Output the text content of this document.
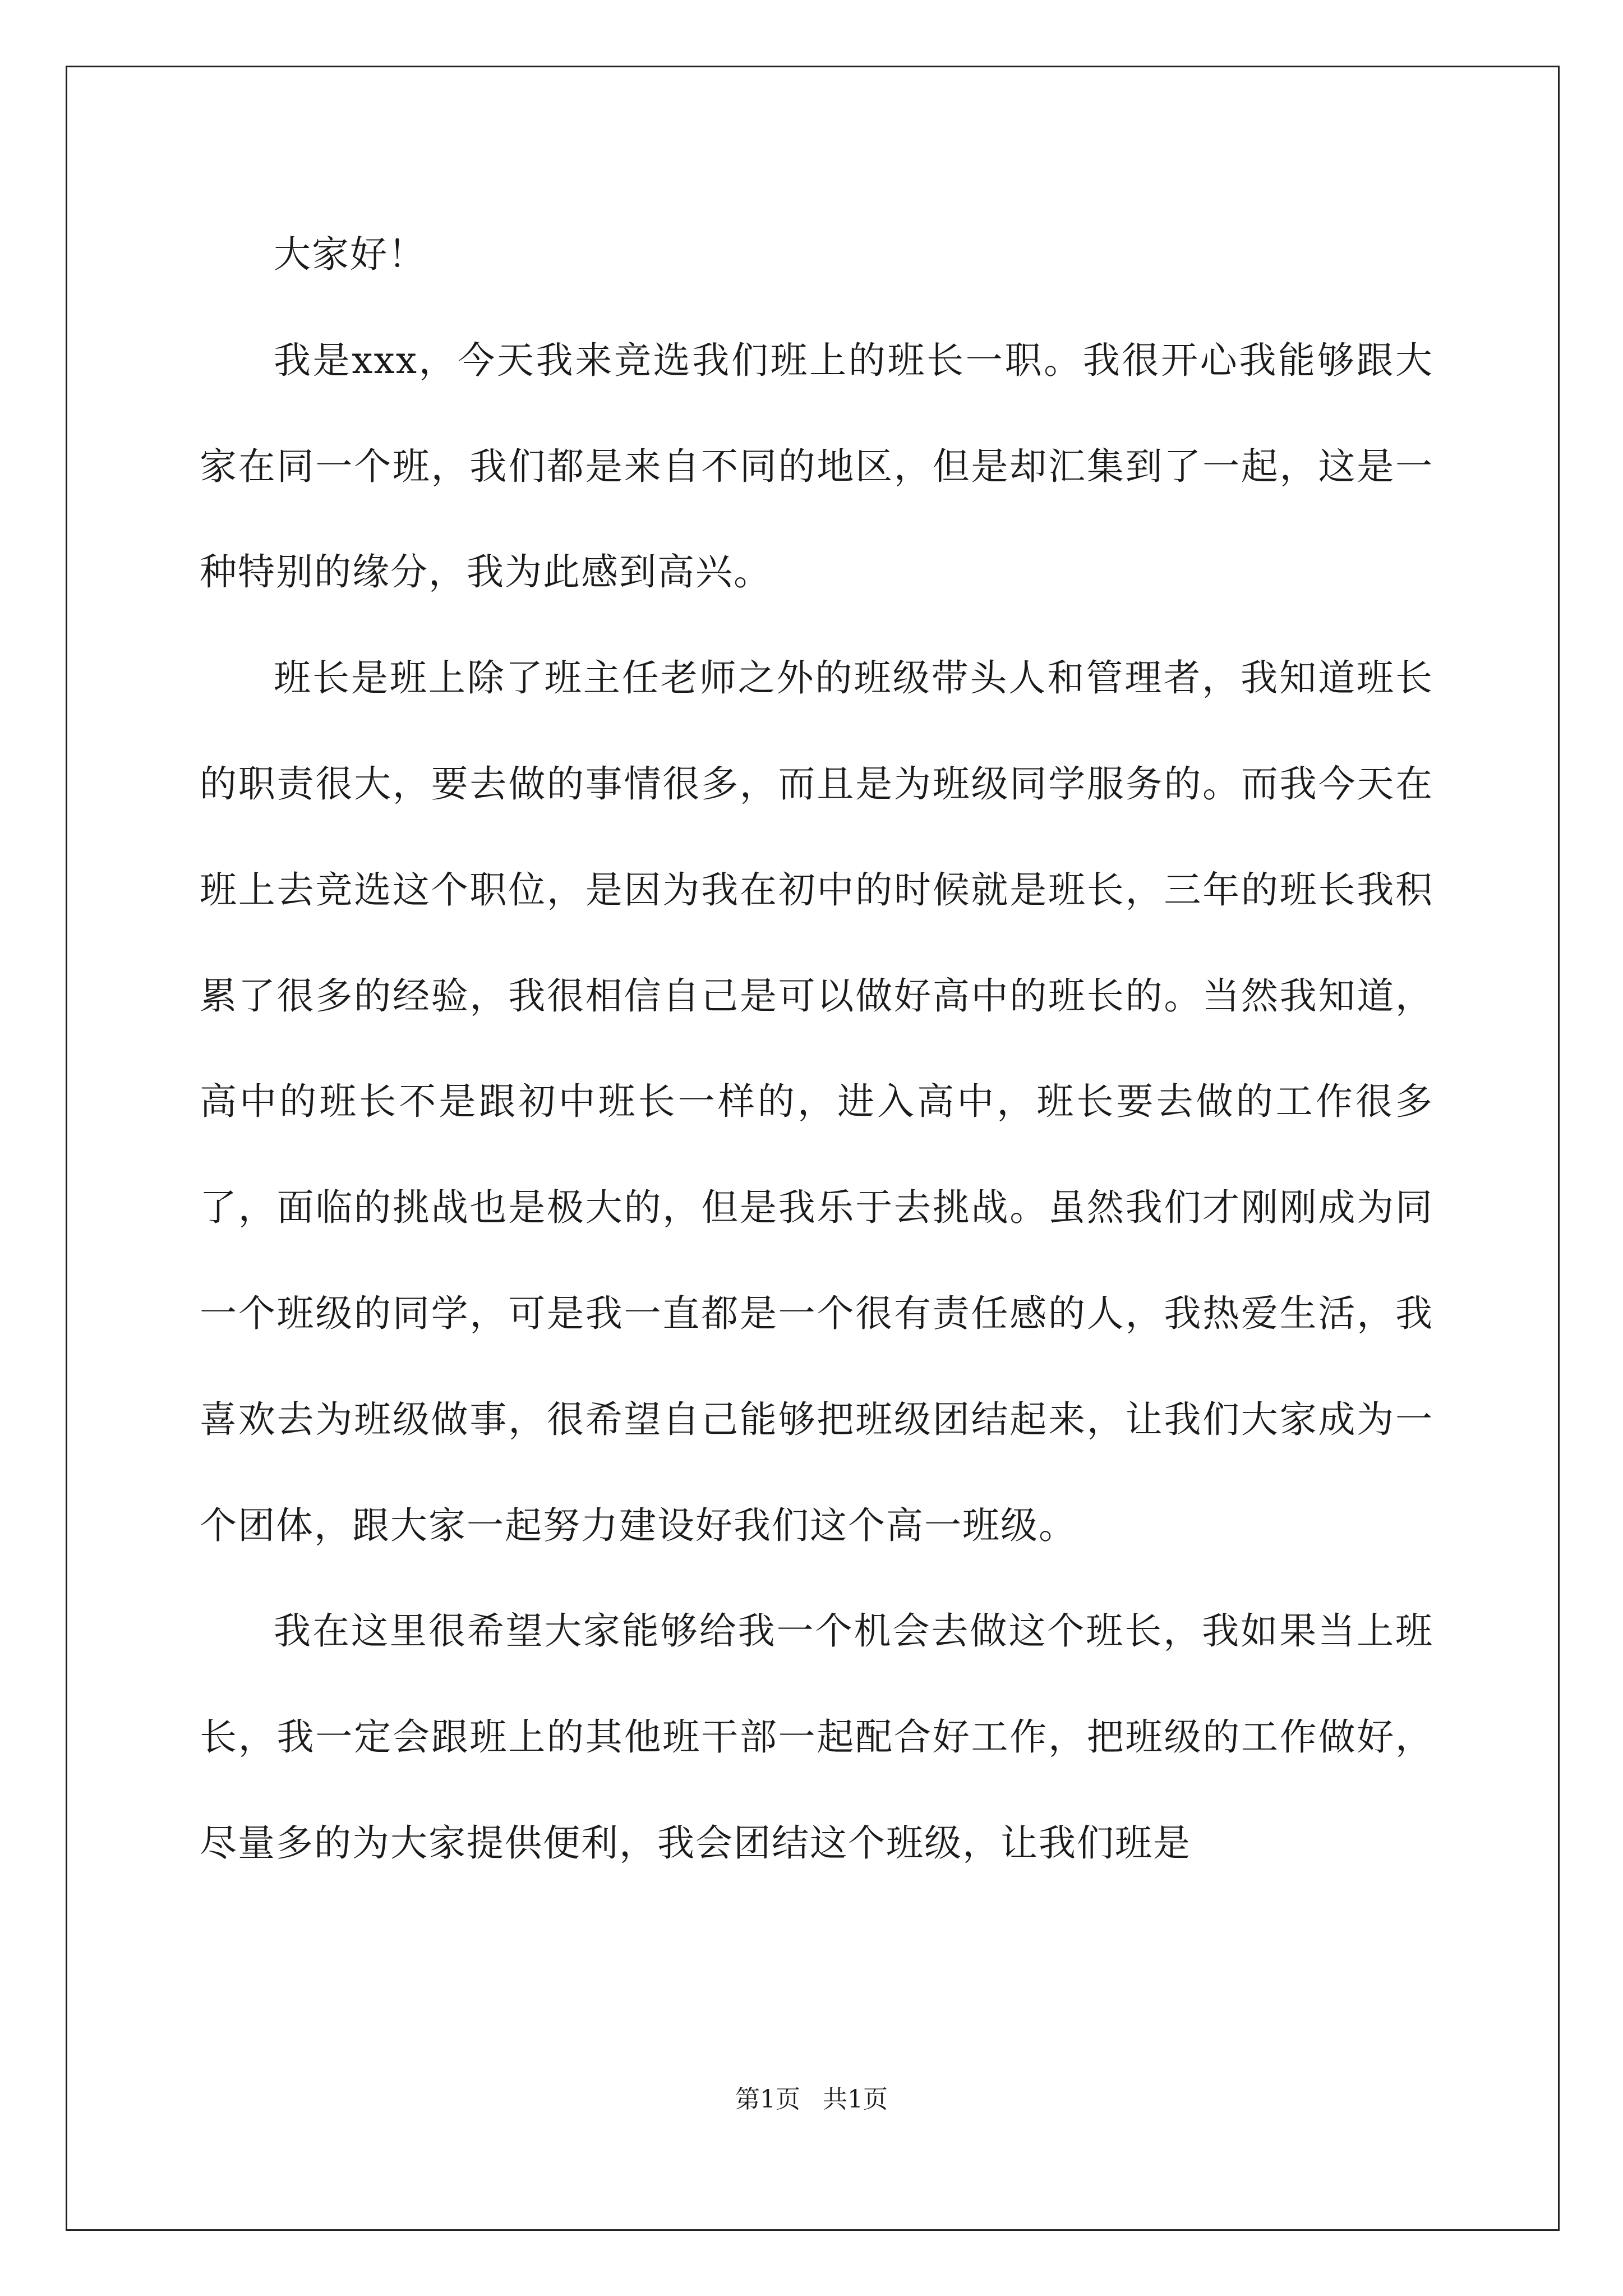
大家好！

我是xxx，今天我来竞选我们班上的班长一职。我很开心我能够跟大家在同一个班，我们都是来自不同的地区，但是却汇集到了一起，这是一种特别的缘分，我为此感到高兴。

班长是班上除了班主任老师之外的班级带头人和管理者，我知道班长的职责很大，要去做的事情很多，而且是为班级同学服务的。而我今天在班上去竞选这个职位，是因为我在初中的时候就是班长，三年的班长我积累了很多的经验，我很相信自己是可以做好高中的班长的。当然我知道，高中的班长不是跟初中班长一样的，进入高中，班长要去做的工作很多了，面临的挑战也是极大的，但是我乐于去挑战。虽然我们才刚刚成为同一个班级的同学，可是我一直都是一个很有责任感的人，我热爱生活，我喜欢去为班级做事，很希望自己能够把班级团结起来，让我们大家成为一个团体，跟大家一起努力建设好我们这个高一班级。

我在这里很希望大家能够给我一个机会去做这个班长，我如果当上班长，我一定会跟班上的其他班干部一起配合好工作，把班级的工作做好，尽量多的为大家提供便利，我会团结这个班级，让我们班是

第1页 共1页
